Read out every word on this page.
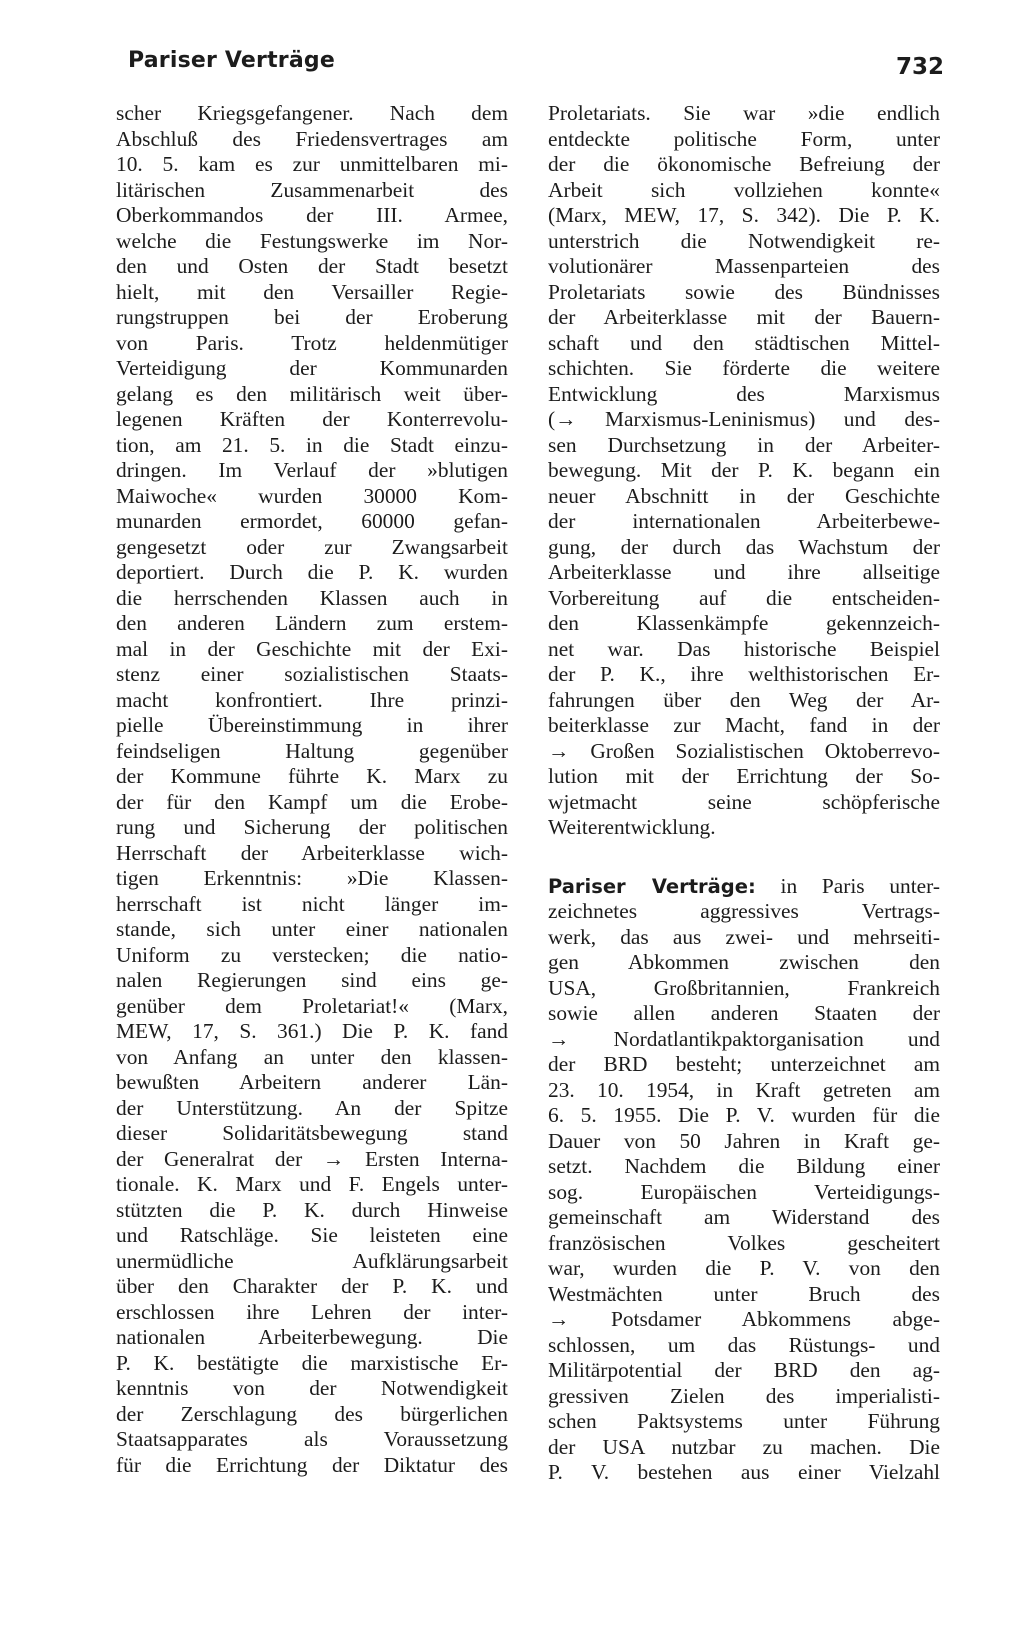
Pariser Verträge	732
scher Kriegsgefangener. Nach dem
Abschluß des Friedensvertrages am
10. 5. kam es zur unmittelbaren mi-
litärischen Zusammenarbeit des
Oberkommandos der III. Armee,
welche die Festungswerke im Nor-
den und Osten der Stadt besetzt
hielt, mit den Versailler Regie-
rungstruppen bei der Eroberung
von Paris. Trotz heldenmütiger
Verteidigung der Kommunarden
gelang es den militärisch weit über-
legenen Kräften der Konterrevolu-
tion, am 21. 5. in die Stadt einzu-
dringen. Im Verlauf der »blutigen
Maiwoche« wurden 30000 Kom-
munarden ermordet, 60000 gefan-
gengesetzt oder zur Zwangsarbeit
deportiert. Durch die P. K. wurden
die herrschenden Klassen auch in
den anderen Ländern zum erstem-
mal in der Geschichte mit der Exi-
stenz einer sozialistischen Staats-
macht konfrontiert. Ihre prinzi-
pielle Übereinstimmung in ihrer
feindseligen Haltung gegenüber
der Kommune führte K. Marx zu
der für den Kampf um die Erobe-
rung und Sicherung der politischen
Herrschaft der Arbeiterklasse wich-
tigen Erkenntnis: »Die Klassen-
herrschaft ist nicht länger im-
stande, sich unter einer nationalen
Uniform zu verstecken; die natio-
nalen Regierungen sind eins ge-
genüber dem Proletariat!« (Marx,
MEW, 17, S. 361.) Die P. K. fand
von Anfang an unter den klassen-
bewußten Arbeitern anderer Län-
der Unterstützung. An der Spitze
dieser Solidaritätsbewegung stand
der Generalrat der → Ersten Interna-
tionale. K. Marx und F. Engels unter-
stützten die P. K. durch Hinweise
und Ratschläge. Sie leisteten eine
unermüdliche Aufklärungsarbeit
über den Charakter der P. K. und
erschlossen ihre Lehren der inter-
nationalen Arbeiterbewegung. Die
P. K. bestätigte die marxistische Er-
kenntnis von der Notwendigkeit
der Zerschlagung des bürgerlichen
Staatsapparates als Voraussetzung
für die Errichtung der Diktatur des
Proletariats. Sie war »die endlich
entdeckte politische Form, unter
der die ökonomische Befreiung der
Arbeit sich vollziehen konnte«
(Marx, MEW, 17, S. 342). Die P. K.
unterstrich die Notwendigkeit re-
volutionärer Massenparteien des
Proletariats sowie des Bündnisses
der Arbeiterklasse mit der Bauern-
schaft und den städtischen Mittel-
schichten. Sie förderte die weitere
Entwicklung des Marxismus
(→ Marxismus-Leninismus) und des-
sen Durchsetzung in der Arbeiter-
bewegung. Mit der P. K. begann ein
neuer Abschnitt in der Geschichte
der internationalen Arbeiterbewe-
gung, der durch das Wachstum der
Arbeiterklasse und ihre allseitige
Vorbereitung auf die entscheiden-
den Klassenkämpfe gekennzeich-
net war. Das historische Beispiel
der P. K., ihre welthistorischen Er-
fahrungen über den Weg der Ar-
beiterklasse zur Macht, fand in der
→ Großen Sozialistischen Oktoberrevo-
lution mit der Errichtung der So-
wjetmacht seine schöpferische
Weiterentwicklung.
Pariser Verträge: in Paris unter-
zeichnetes aggressives Vertrags-
werk, das aus zwei- und mehrseiti-
gen Abkommen zwischen den
USA, Großbritannien, Frankreich
sowie allen anderen Staaten der
→ Nordatlantikpaktorganisation und
der BRD besteht; unterzeichnet am
23. 10. 1954, in Kraft getreten am
6. 5. 1955. Die P. V. wurden für die
Dauer von 50 Jahren in Kraft ge-
setzt. Nachdem die Bildung einer
sog. Europäischen Verteidigungs-
gemeinschaft am Widerstand des
französischen Volkes gescheitert
war, wurden die P. V. von den
Westmächten unter Bruch des
→ Potsdamer Abkommens abge-
schlossen, um das Rüstungs- und
Militärpotential der BRD den ag-
gressiven Zielen des imperialisti-
schen Paktsystems unter Führung
der USA nutzbar zu machen. Die
P. V. bestehen aus einer Vielzahl
